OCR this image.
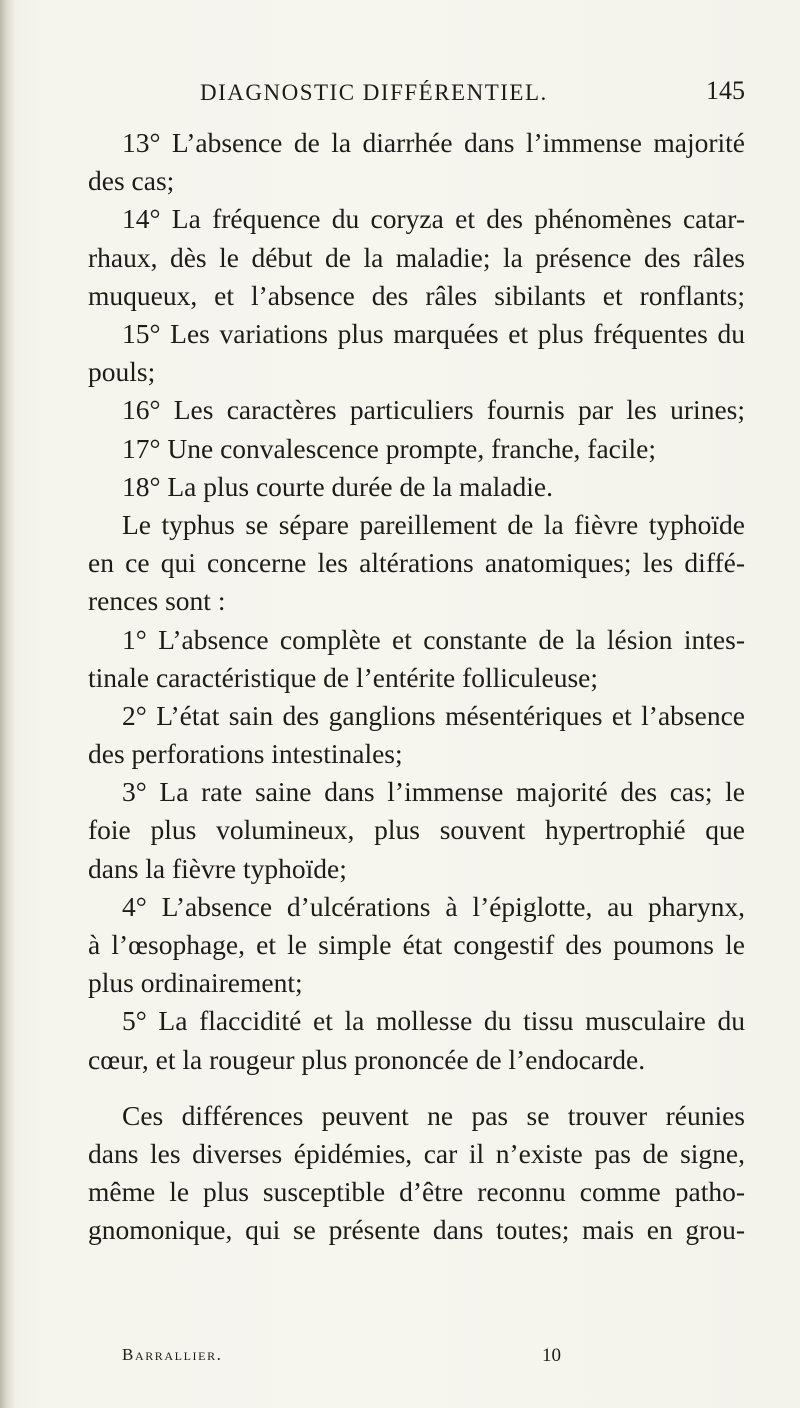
DIAGNOSTIC DIFFÉRENTIEL.	145
13° L’absence de la diarrhée dans l’immense majorité
des cas;
14° La fréquence du coryza et des phénomènes catar-
rhaux, dès le début de la maladie; la présence des râles
muqueux, et l’absence des râles sibilants et ronflants;
15° Les variations plus marquées et plus fréquentes du
pouls;
16° Les caractères particuliers fournis par les urines;
17° Une convalescence prompte, franche, facile;
18° La plus courte durée de la maladie.
Le typhus se sépare pareillement de la fièvre typhoïde
en ce qui concerne les altérations anatomiques; les diffé-
rences sont :
1° L’absence complète et constante de la lésion intes-
tinale caractéristique de l’entérite folliculeuse;
2° L’état sain des ganglions mésentériques et l’absence
des perforations intestinales;
3° La rate saine dans l’immense majorité des cas; le
foie plus volumineux, plus souvent hypertrophié que
dans la fièvre typhoïde;
4° L’absence d’ulcérations à l’épiglotte, au pharynx,
à l’œsophage, et le simple état congestif des poumons le
plus ordinairement;
5° La flaccidité et la mollesse du tissu musculaire du
cœur, et la rougeur plus prononcée de l’endocarde.
Ces différences peuvent ne pas se trouver réunies
dans les diverses épidémies, car il n’existe pas de signe,
même le plus susceptible d’être reconnu comme patho-
gnomonique, qui se présente dans toutes; mais en grou-
Barrallier.	10
